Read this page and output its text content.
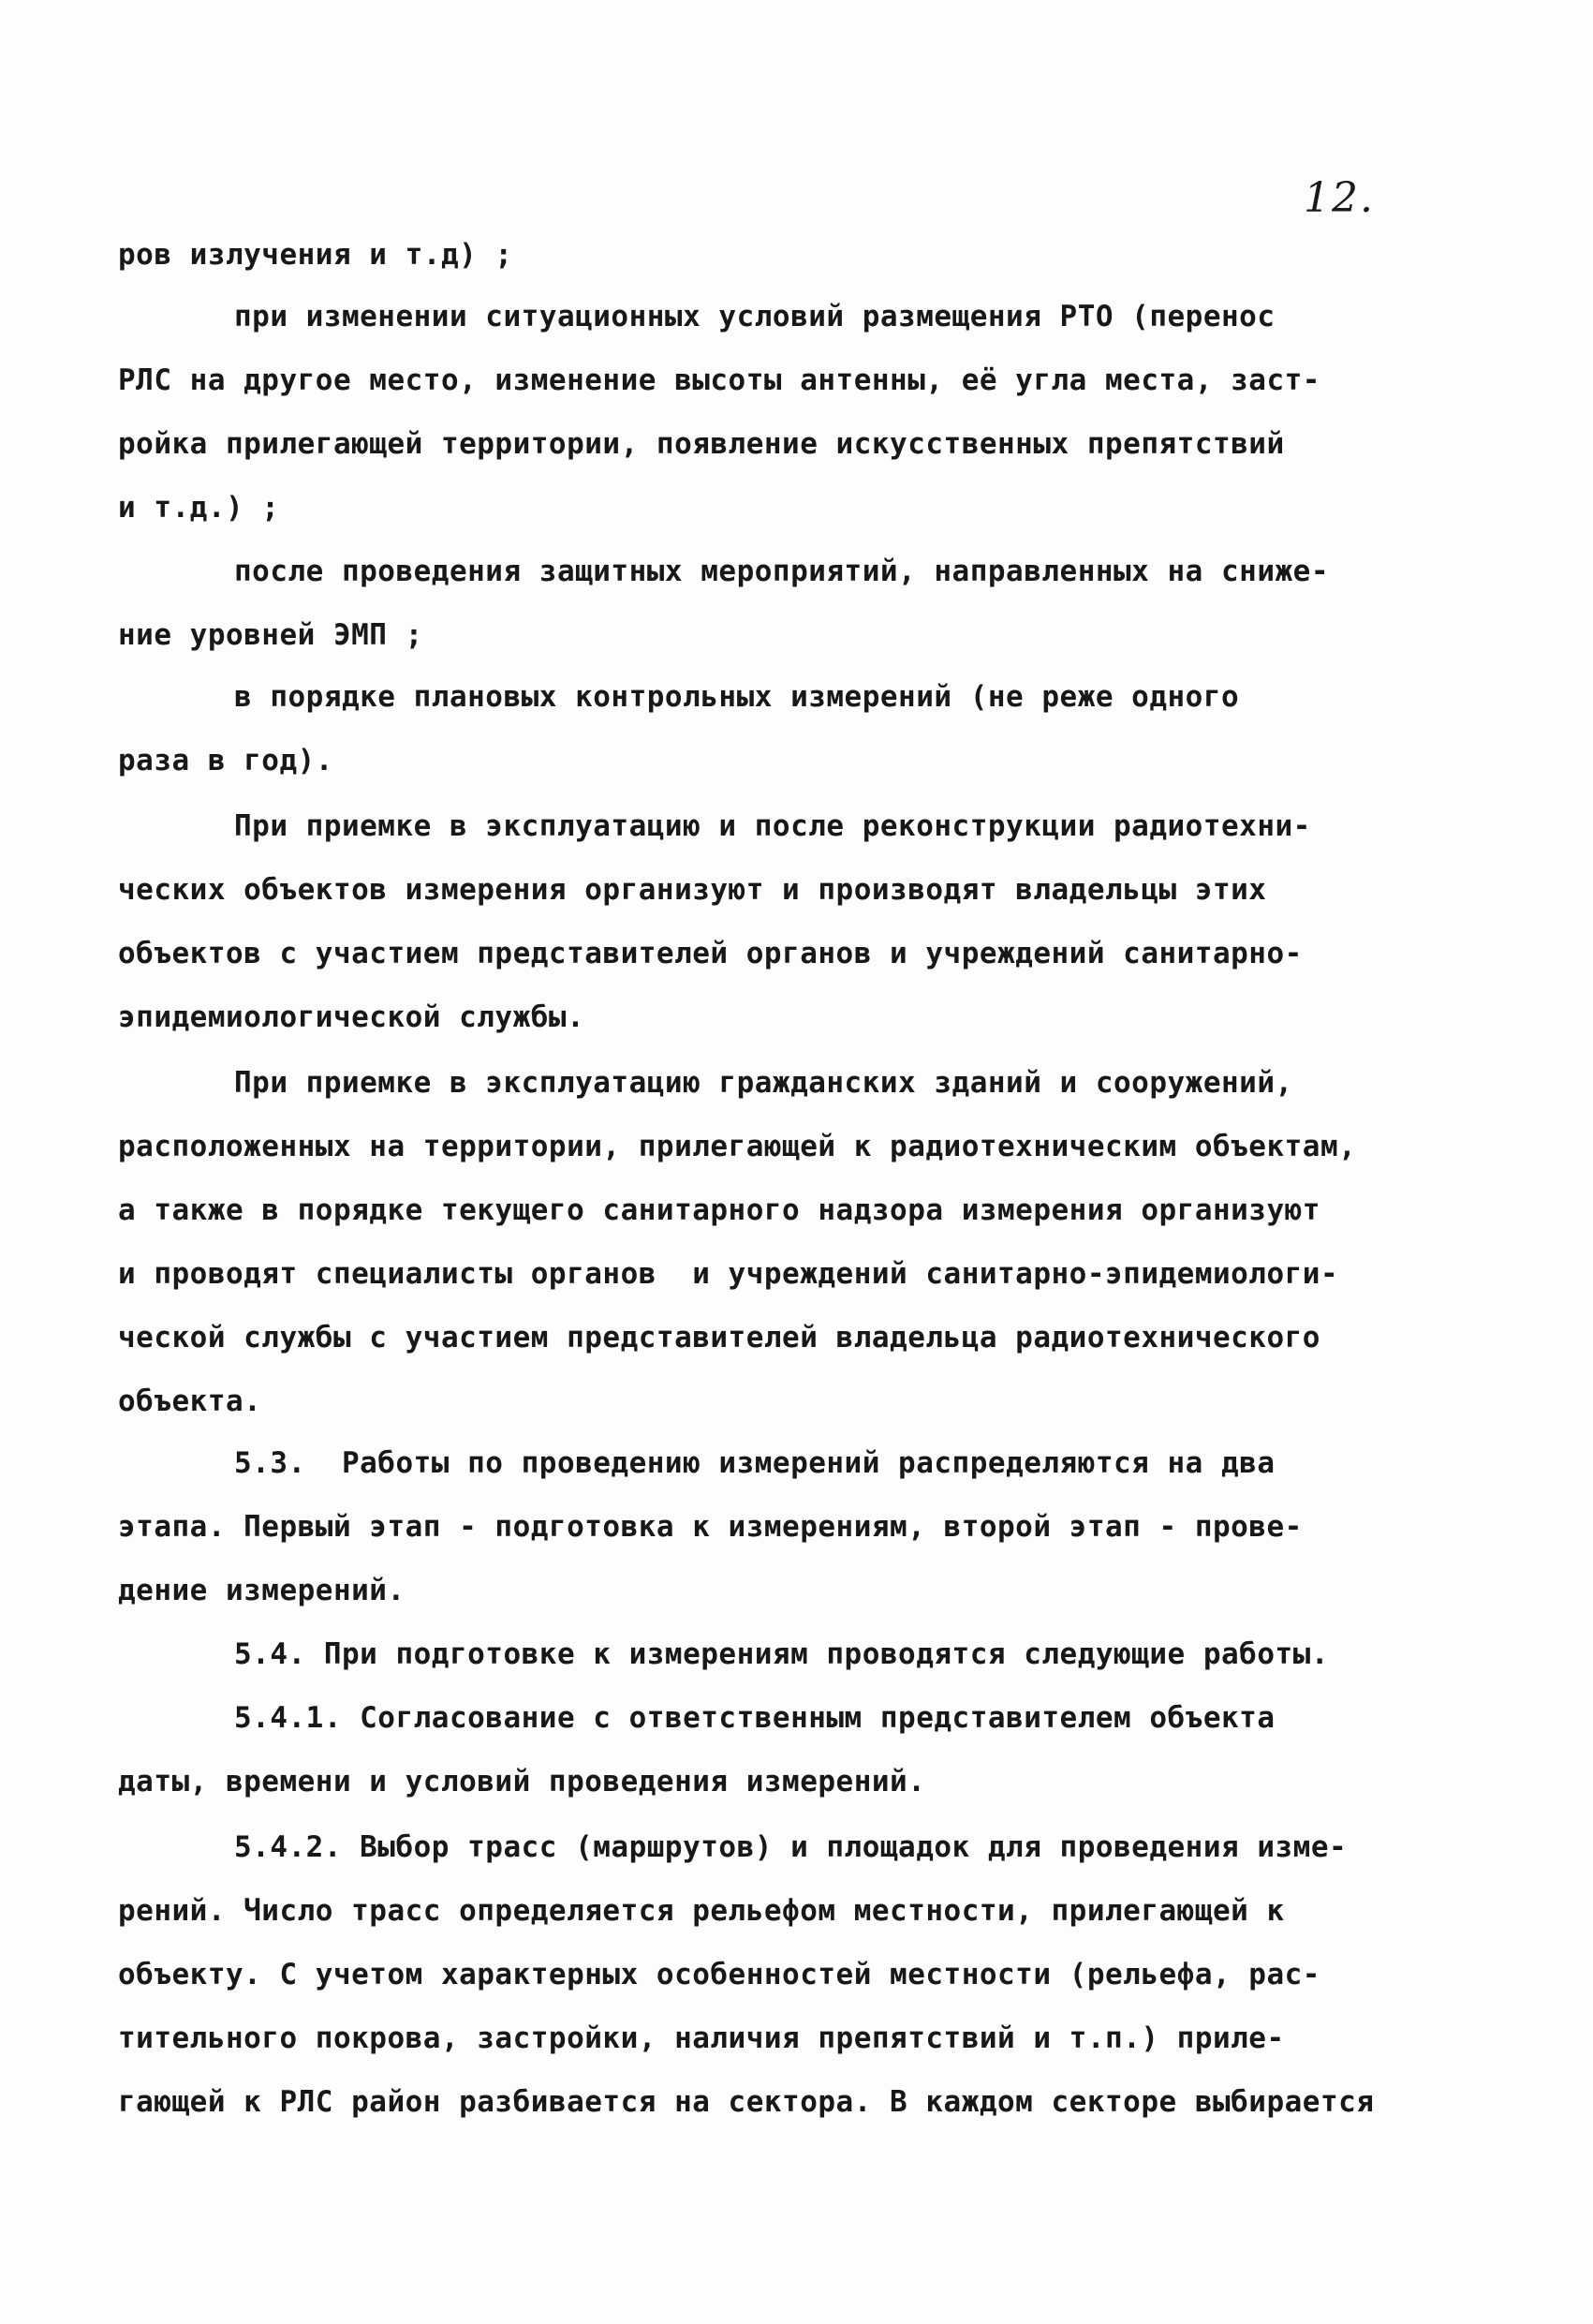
12.
ров излучения и т.д) ;
при изменении ситуационных условий размещения РТО (перенос
РЛС на другое место, изменение высоты антенны, её угла места, заст-
ройка прилегающей территории, появление искусственных препятствий
и т.д.) ;
после проведения защитных мероприятий, направленных на сниже-
ние уровней ЭМП ;
в порядке плановых контрольных измерений (не реже одного
раза в год).
При приемке в эксплуатацию и после реконструкции радиотехни-
ческих объектов измерения организуют и производят владельцы этих
объектов с участием представителей органов и учреждений санитарно-
эпидемиологической службы.
При приемке в эксплуатацию гражданских зданий и сооружений,
расположенных на территории, прилегающей к радиотехническим объектам,
а также в порядке текущего санитарного надзора измерения организуют
и проводят специалисты органов  и учреждений санитарно-эпидемиологи-
ческой службы с участием представителей владельца радиотехнического
объекта.
5.3.  Работы по проведению измерений распределяются на два
этапа. Первый этап - подготовка к измерениям, второй этап - прове-
дение измерений.
5.4. При подготовке к измерениям проводятся следующие работы.
5.4.1. Согласование с ответственным представителем объекта
даты, времени и условий проведения измерений.
5.4.2. Выбор трасс (маршрутов) и площадок для проведения изме-
рений. Число трасс определяется рельефом местности, прилегающей к
объекту. С учетом характерных особенностей местности (рельефа, рас-
тительного покрова, застройки, наличия препятствий и т.п.) приле-
гающей к РЛС район разбивается на сектора. В каждом секторе выбирается
